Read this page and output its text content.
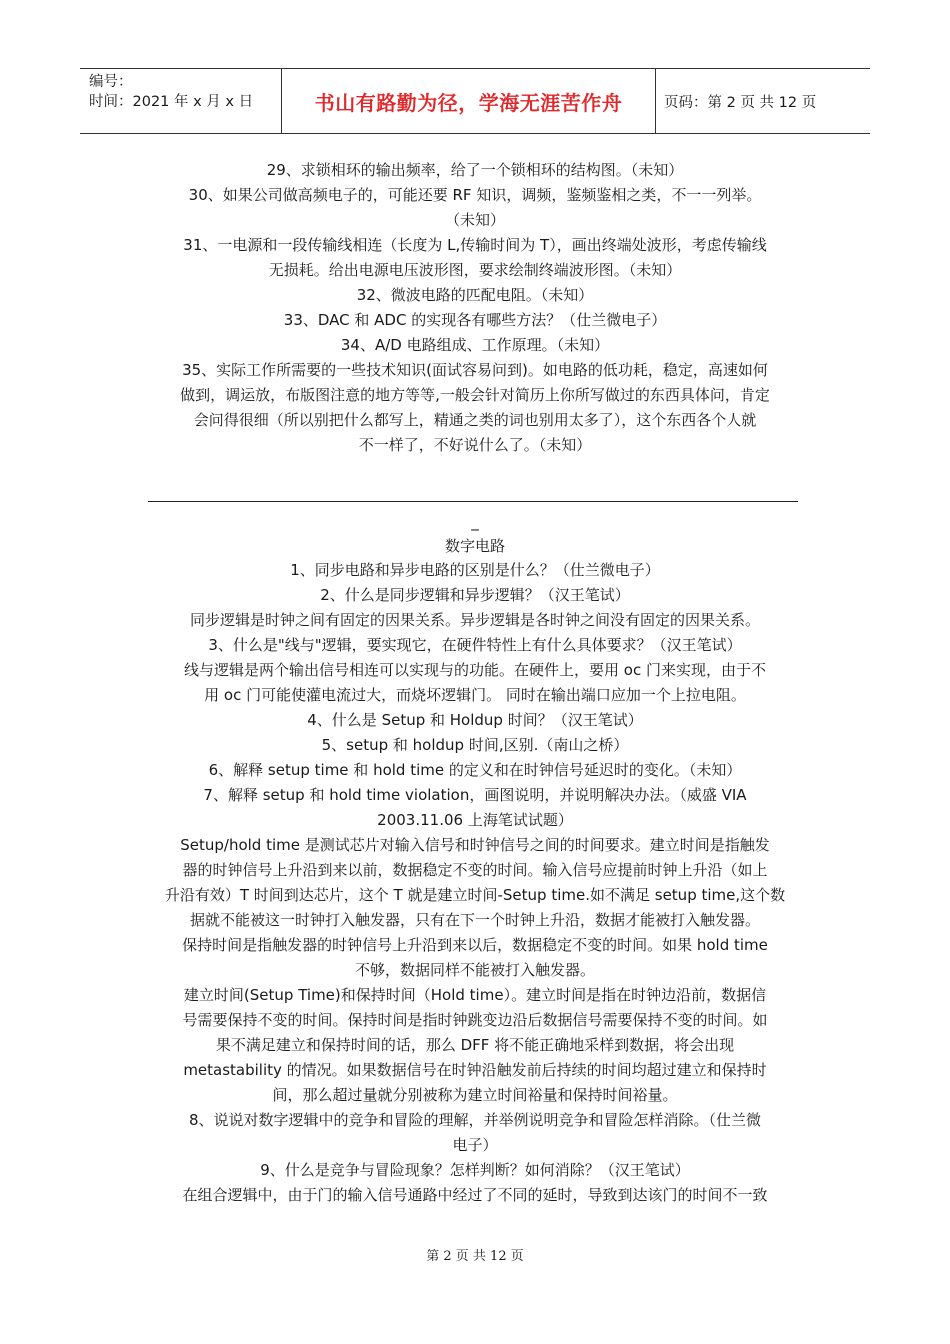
编号：
时间：2021 年 x 月 x 日	书山有路勤为径，学海无涯苦作舟	页码：第 2 页 共 12 页
29、求锁相环的输出频率，给了一个锁相环的结构图。（未知）
30、如果公司做高频电子的，可能还要 RF 知识，调频，鉴频鉴相之类，不一一列举。
（未知）
31、一电源和一段传输线相连（长度为 L,传输时间为 T），画出终端处波形，考虑传输线
无损耗。给出电源电压波形图，要求绘制终端波形图。（未知）
32、微波电路的匹配电阻。（未知）
33、DAC 和 ADC 的实现各有哪些方法？（仕兰微电子）
34、A/D 电路组成、工作原理。（未知）
35、实际工作所需要的一些技术知识(面试容易问到)。如电路的低功耗，稳定，高速如何
做到，调运放，布版图注意的地方等等,一般会针对简历上你所写做过的东西具体问，肯定
会问得很细（所以别把什么都写上，精通之类的词也别用太多了），这个东西各个人就
不一样了，不好说什么了。（未知）
_
数字电路
1、同步电路和异步电路的区别是什么？（仕兰微电子）
2、什么是同步逻辑和异步逻辑？（汉王笔试）
同步逻辑是时钟之间有固定的因果关系。异步逻辑是各时钟之间没有固定的因果关系。
3、什么是"线与"逻辑，要实现它，在硬件特性上有什么具体要求？（汉王笔试）
线与逻辑是两个输出信号相连可以实现与的功能。在硬件上，要用 oc 门来实现，由于不
用 oc 门可能使灌电流过大，而烧坏逻辑门。 同时在输出端口应加一个上拉电阻。
4、什么是 Setup 和 Holdup 时间？（汉王笔试）
5、setup 和 holdup 时间,区别.（南山之桥）
6、解释 setup time 和 hold time 的定义和在时钟信号延迟时的变化。（未知）
7、解释 setup 和 hold time violation，画图说明，并说明解决办法。（威盛 VIA
2003.11.06 上海笔试试题）
Setup/hold time 是测试芯片对输入信号和时钟信号之间的时间要求。建立时间是指触发
器的时钟信号上升沿到来以前，数据稳定不变的时间。输入信号应提前时钟上升沿（如上
升沿有效）T 时间到达芯片，这个 T 就是建立时间-Setup time.如不满足 setup time,这个数
据就不能被这一时钟打入触发器，只有在下一个时钟上升沿，数据才能被打入触发器。
保持时间是指触发器的时钟信号上升沿到来以后，数据稳定不变的时间。如果 hold time
不够，数据同样不能被打入触发器。
建立时间(Setup Time)和保持时间（Hold time）。建立时间是指在时钟边沿前，数据信
号需要保持不变的时间。保持时间是指时钟跳变边沿后数据信号需要保持不变的时间。如
果不满足建立和保持时间的话，那么 DFF 将不能正确地采样到数据，将会出现
metastability 的情况。如果数据信号在时钟沿触发前后持续的时间均超过建立和保持时
间，那么超过量就分别被称为建立时间裕量和保持时间裕量。
8、说说对数字逻辑中的竞争和冒险的理解，并举例说明竞争和冒险怎样消除。（仕兰微
电子）
9、什么是竞争与冒险现象？怎样判断？如何消除？（汉王笔试）
在组合逻辑中，由于门的输入信号通路中经过了不同的延时，导致到达该门的时间不一致
第 2 页 共 12 页
